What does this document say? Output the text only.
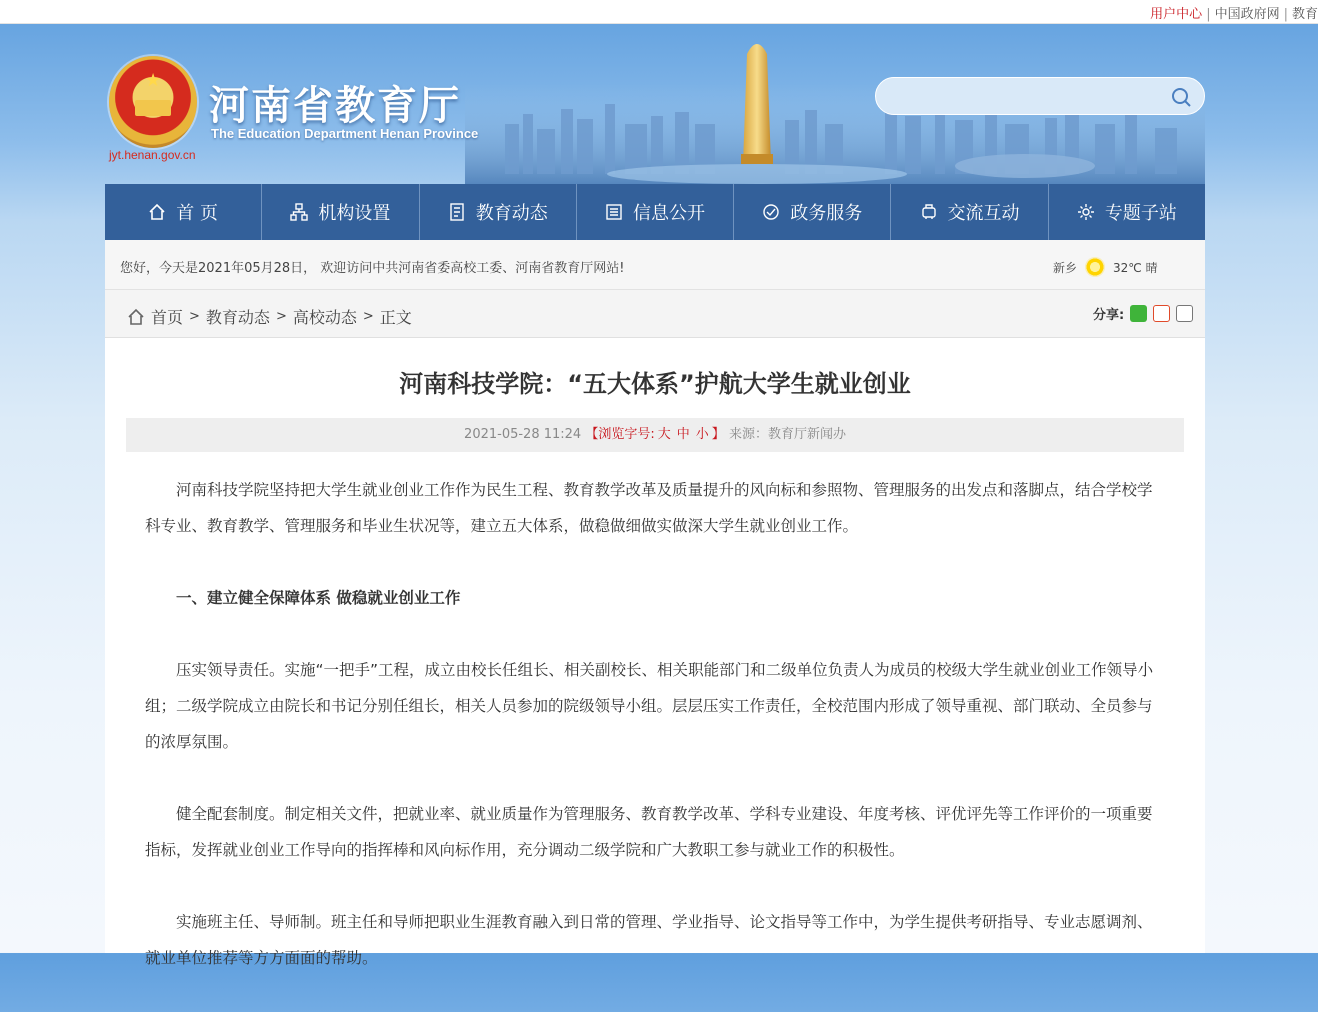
用户中心 | 中国政府网 | 教育
★
jyt.henan.gov.cn
河南省教育厅
The Education Department Henan Province
首 页	机构设置	教育动态	信息公开	政务服务	交流互动	专题子站
您好，今天是2021年05月28日， 欢迎访问中共河南省委高校工委、河南省教育厅网站!	新乡	32℃ 晴
首页 > 教育动态 > 高校动态 > 正文	分享:
河南科技学院：“五大体系”护航大学生就业创业
2021-05-28 11:24 【浏览字号: 大 中 小 】 来源：教育厅新闻办

河南科技学院坚持把大学生就业创业工作作为民生工程、教育教学改革及质量提升的风向标和参照物、管理服务的出发点和落脚点，结合学校学科专业、教育教学、管理服务和毕业生状况等，建立五大体系，做稳做细做实做深大学生就业创业工作。

一、建立健全保障体系 做稳就业创业工作

压实领导责任。实施“一把手”工程，成立由校长任组长、相关副校长、相关职能部门和二级单位负责人为成员的校级大学生就业创业工作领导小组；二级学院成立由院长和书记分别任组长，相关人员参加的院级领导小组。层层压实工作责任，全校范围内形成了领导重视、部门联动、全员参与的浓厚氛围。

健全配套制度。制定相关文件，把就业率、就业质量作为管理服务、教育教学改革、学科专业建设、年度考核、评优评先等工作评价的一项重要指标，发挥就业创业工作导向的指挥棒和风向标作用，充分调动二级学院和广大教职工参与就业工作的积极性。

实施班主任、导师制。班主任和导师把职业生涯教育融入到日常的管理、学业指导、论文指导等工作中，为学生提供考研指导、专业志愿调剂、就业单位推荐等方方面面的帮助。
